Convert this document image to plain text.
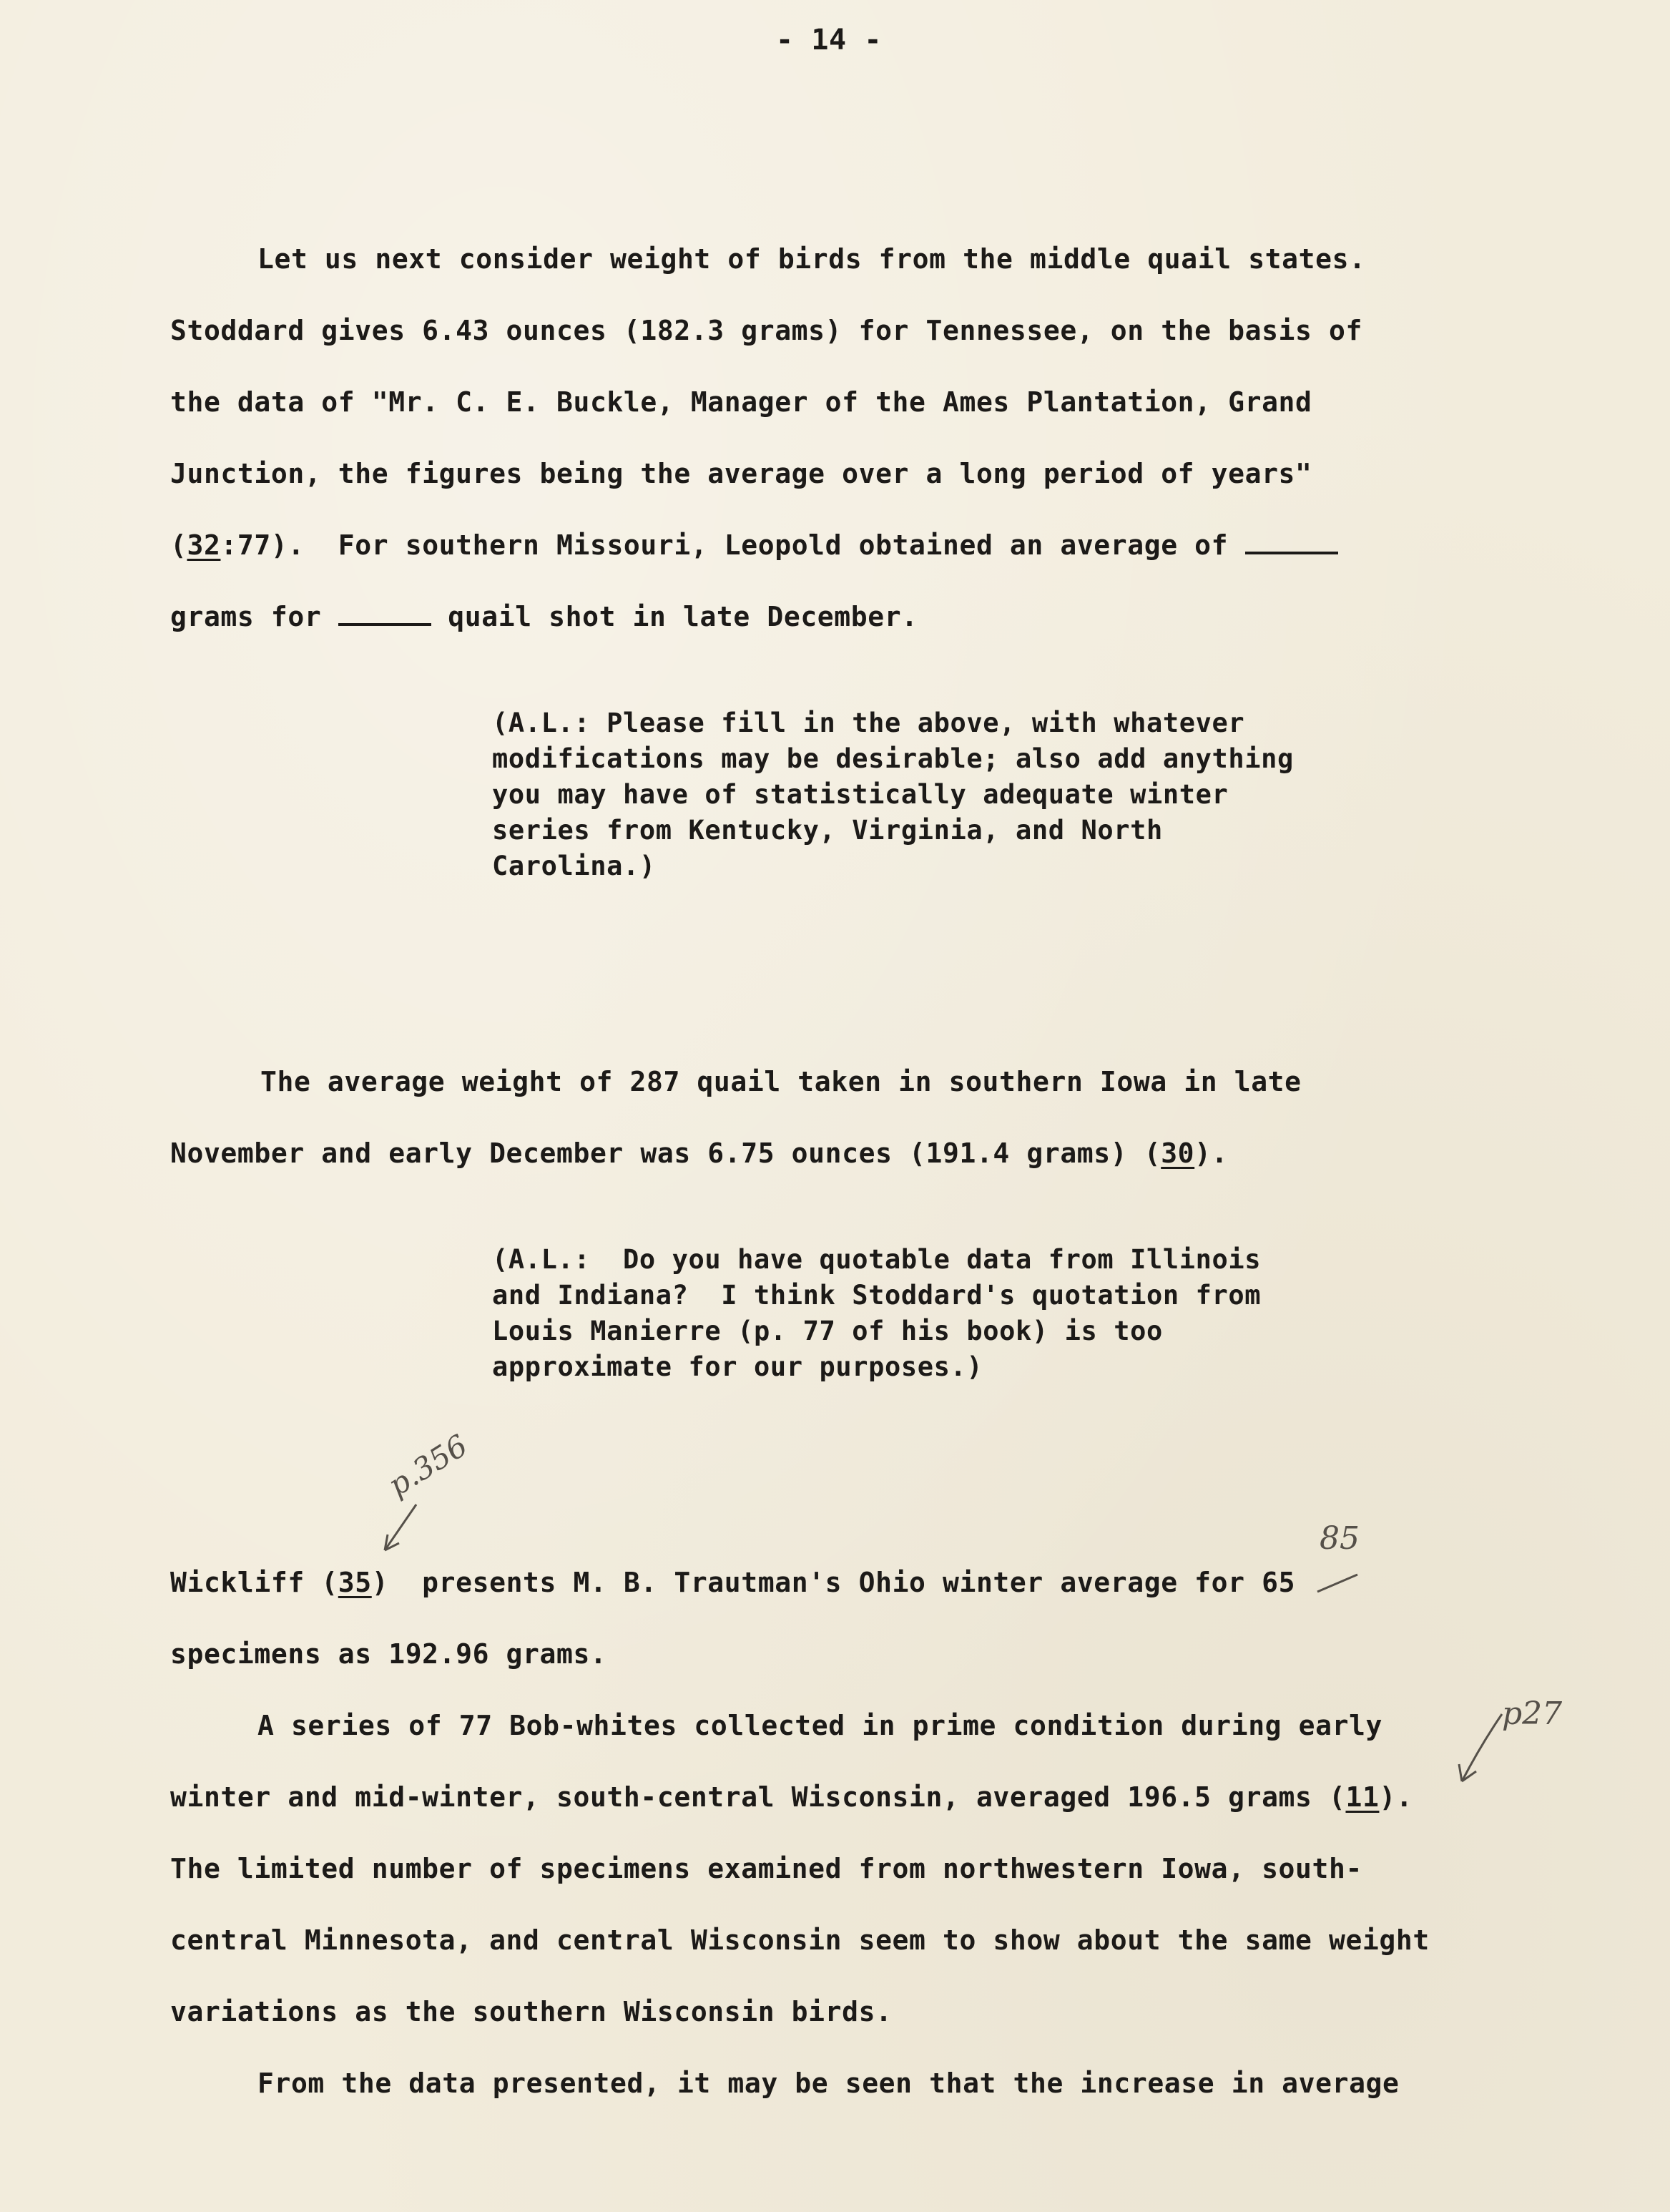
- 14 -
Let us next consider weight of birds from the middle quail states.
Stoddard gives 6.43 ounces (182.3 grams) for Tennessee, on the basis of
the data of "Mr. C. E. Buckle, Manager of the Ames Plantation, Grand
Junction, the figures being the average over a long period of years"
(32:77).  For southern Missouri, Leopold obtained an average of
grams for	quail shot in late December.
(A.L.: Please fill in the above, with whatever
modifications may be desirable; also add anything
you may have of statistically adequate winter
series from Kentucky, Virginia, and North
Carolina.)
The average weight of 287 quail taken in southern Iowa in late
November and early December was 6.75 ounces (191.4 grams) (30).
(A.L.:  Do you have quotable data from Illinois
and Indiana?  I think Stoddard's quotation from
Louis Manierre (p. 77 of his book) is too
approximate for our purposes.)
p.356
85
Wickliff (35)  presents M. B. Trautman's Ohio winter average for 65
specimens as 192.96 grams.
p27
A series of 77 Bob-whites collected in prime condition during early
winter and mid-winter, south-central Wisconsin, averaged 196.5 grams (11).
The limited number of specimens examined from northwestern Iowa, south-
central Minnesota, and central Wisconsin seem to show about the same weight
variations as the southern Wisconsin birds.
From the data presented, it may be seen that the increase in average
